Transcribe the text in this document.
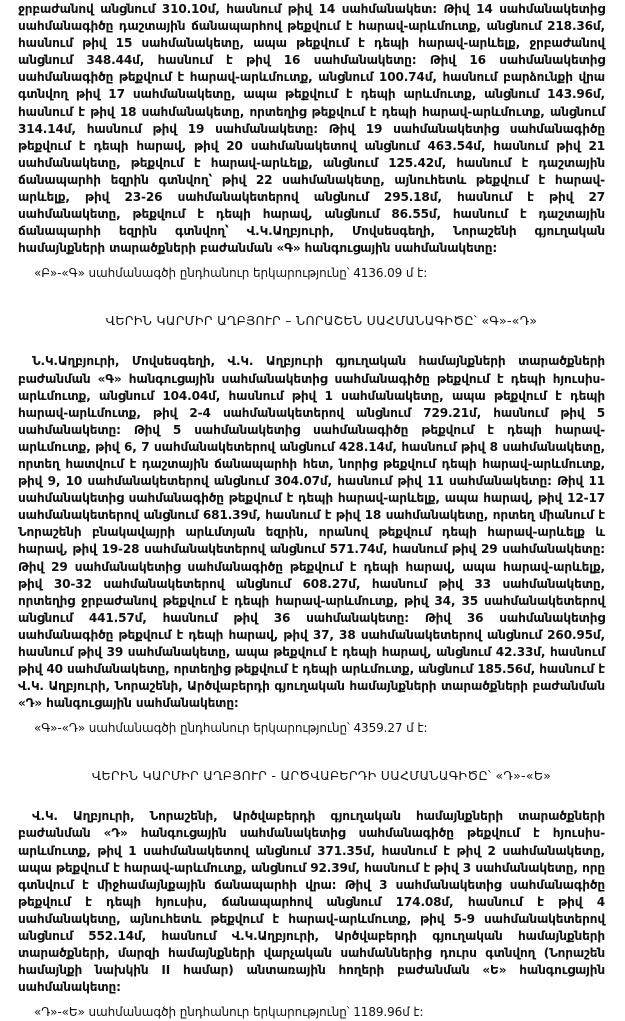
ջրբաժանով անցնում 310.10մ, հասնում թիվ 14 սահմանակետ: Թիվ 14 սահմանակետից սահմանագիծը դաշտային ճանապարհով թեքվում է հարավ-արևմուտք, անցնում 218.36մ, հասնում թիվ 15 սահմանակետը, ապա թեքվում է դեպի հարավ-արևելք, ջրբաժանով անցնում 348.44մ, հասնում է թիվ 16 սահմանակետը: Թիվ 16 սահմանակետից սահմանագիծը թեքվում է հարավ-արևմուտք, անցնում 100.74մ, հասնում բարձունքի վրա գտնվող թիվ 17 սահմանակետը, ապա թեքվում է դեպի արևմուտք, անցնում 143.96մ, հասնում է թիվ 18 սահմանակետը, որտեղից թեքվում է դեպի հարավ-արևմուտք, անցնում 314.14մ, հասնում թիվ 19 սահմանակետը: Թիվ 19 սահմանակետից սահմանագիծը թեքվում է դեպի հարավ, թիվ 20 սահմանակետով անցնում 463.54մ, հասնում թիվ 21 սահմանակետը, թեքվում է հարավ-արևելք, անցնում 125.42մ, հասնում է դաշտային ճանապարհի եզրին գտնվող՝ թիվ 22 սահմանակետը, այնուհետև թեքվում է հարավ-արևելք, թիվ 23-26 սահմանակետերով անցնում 295.18մ, հասնում է թիվ 27 սահմանակետը, թեքվում է դեպի հարավ, անցնում 86.55մ, հասնում է դաշտային ճանապարհի եզրին գտնվող՝ Վ.Կ.Աղբյուրի, Մովսեսգեղի, Նորաշենի գյուղական համայնքների տարածքների բաժանման «Գ» հանգուցային սահմանակետը:

«Բ»-«Գ» սահմանագծի ընդհանուր երկարությունը՝ 4136.09 մ է:

ՎԵՐԻՆ ԿԱՐՄԻՐ ԱՂԲՅՈՒՐ – ՆՈՐԱՇԵՆ ՍԱՀՄԱՆԱԳԻԾԸ՝ «Գ»-«Դ»

Ն.Կ.Աղբյուրի, Մովսեսգեղի, Վ.Կ. Աղբյուրի գյուղական համայնքների տարածքների բաժանման «Գ» հանգուցային սահմանակետից սահմանագիծը թեքվում է դեպի հյուսիս-արևմուտք, անցնում 104.04մ, հասնում թիվ 1 սահմանակետը, ապա թեքվում է դեպի հարավ-արևմուտք, թիվ 2-4 սահմանակետերով անցնում 729.21մ, հասնում թիվ 5 սահմանակետը: Թիվ 5 սահմանակետից սահմանագիծը թեքվում է դեպի հարավ-արևմուտք, թիվ 6, 7 սահմանակետերով անցնում 428.14մ, հասնում թիվ 8 սահմանակետը, որտեղ հատվում է դաշտային ճանապարհի հետ, նորից թեքվում դեպի հարավ-արևմուտք, թիվ 9, 10 սահմանակետերով անցնում 304.07մ, հասնում թիվ 11 սահմանակետը: Թիվ 11 սահմանակետից սահմանագիծը թեքվում է դեպի հարավ-արևելք, ապա հարավ, թիվ 12-17 սահմանակետերով անցնում 681.39մ, հասնում է թիվ 18 սահմանակետը, որտեղ միանում է Նորաշենի բնակավայրի արևմտյան եզրին, որանով թեքվում դեպի հարավ-արևելք և հարավ, թիվ 19-28 սահմանակետերով անցնում 571.74մ, հասնում թիվ 29 սահմանակետը: Թիվ 29 սահմանակետից սահմանագիծը թեքվում է դեպի հարավ, ապա հարավ-արևելք, թիվ 30-32 սահմանակետերով անցնում 608.27մ, հասնում թիվ 33 սահմանակետը, որտեղից ջրբաժանով թեքվում է դեպի հարավ-արևմուտք, թիվ 34, 35 սահմանակետերով անցնում 441.57մ, հասնում թիվ 36 սահմանակետը: Թիվ 36 սահմանակետից սահմանագիծը թեքվում է դեպի հարավ, թիվ 37, 38 սահմանակետերով անցնում 260.95մ, հասնում թիվ 39 սահմանակետը, ապա թեքվում է դեպի հարավ, անցնում 42.33մ, հասնում թիվ 40 սահմանակետը, որտեղից թեքվում է դեպի արևմուտք, անցնում 185.56մ, հասնում է Վ.Կ. Աղբյուրի, Նորաշենի, Արծվաբերդի գյուղական համայնքների տարածքների բաժանման «Դ» հանգուցային սահմանակետը:

«Գ»-«Դ» սահմանագծի ընդհանուր երկարությունը՝ 4359.27 մ է:

ՎԵՐԻՆ ԿԱՐՄԻՐ ԱՂԲՅՈՒՐ - ԱՐԾՎԱԲԵՐԴԻ ՍԱՀՄԱՆԱԳԻԾԸ՝ «Դ»-«Ե»

Վ.Կ. Աղբյուրի, Նորաշենի, Արծվաբերդի գյուղական համայնքների տարածքների բաժանման «Դ» հանգուցային սահմանակետից սահմանագիծը թեքվում է հյուսիս-արևմուտք, թիվ 1 սահմանակետով անցնում 371.35մ, հասնում է թիվ 2 սահմանակետը, ապա թեքվում է հարավ-արևմուտք, անցնում 92.39մ, հասնում է թիվ 3 սահմանակետը, որը գտնվում է միջհամայնքային ճանապարհի վրա: Թիվ 3 սահմանակետից սահմանագիծը թեքվում է դեպի հյուսիս, ճանապարհով անցնում 174.08մ, հասնում է թիվ 4 սահմանակետը, այնուհետև թեքվում է հարավ-արևմուտք, թիվ 5-9 սահմանակետերով անցնում 552.14մ, հասնում Վ.Կ.Աղբյուրի, Արծվաբերդի գյուղական համայնքների տարածքների, մարզի համայնքների վարչական սահմաններից դուրս գտնվող (Նորաշեն համայնքի նախկին II համար) անտառային հողերի բաժանման «Ե» հանգուցային սահմանակետը:

«Դ»-«Ե» սահմանագծի ընդհանուր երկարությունը՝ 1189.96մ է:
